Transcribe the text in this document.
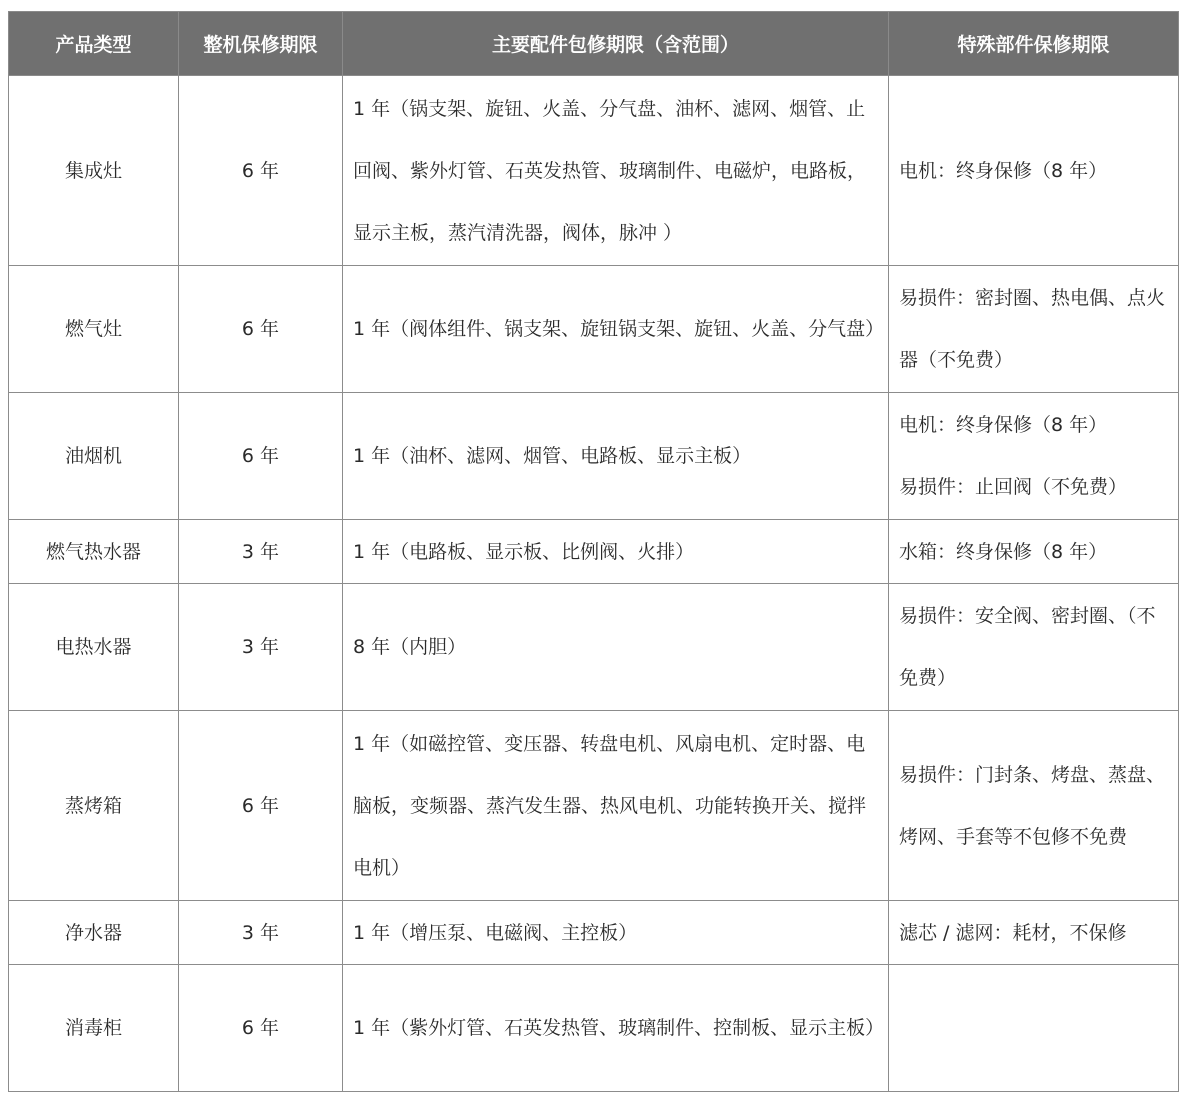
产品类型	整机保修期限	主要配件包修期限（含范围）	特殊部件保修期限
集成灶	6 年	1 年（锅支架、旋钮、火盖、分气盘、油杯、滤网、烟管、止回阀、紫外灯管、石英发热管、玻璃制件、电磁炉，电路板，显示主板，蒸汽清洗器，阀体，脉冲 ）	电机：终身保修（8 年）

燃气灶	6 年	1 年（阀体组件、锅支架、旋钮锅支架、旋钮、火盖、分气盘）	易损件：密封圈、热电偶、点火器（不免费）

油烟机	6 年	1 年（油杯、滤网、烟管、电路板、显示主板）	电机：终身保修（8 年）
易损件：止回阀（不免费）

燃气热水器	3 年	1 年（电路板、显示板、比例阀、火排）	水箱：终身保修（8 年）

电热水器	3 年	8 年（内胆）	易损件：安全阀、密封圈、（不免费）

蒸烤箱	6 年	1 年（如磁控管、变压器、转盘电机、风扇电机、定时器、电脑板，变频器、蒸汽发生器、热风电机、功能转换开关、搅拌电机）	易损件：门封条、烤盘、蒸盘、烤网、手套等不包修不免费

净水器	3 年	1 年（增压泵、电磁阀、主控板）	滤芯 / 滤网：耗材，不保修

消毒柜	6 年	1 年（紫外灯管、石英发热管、玻璃制件、控制板、显示主板）	
